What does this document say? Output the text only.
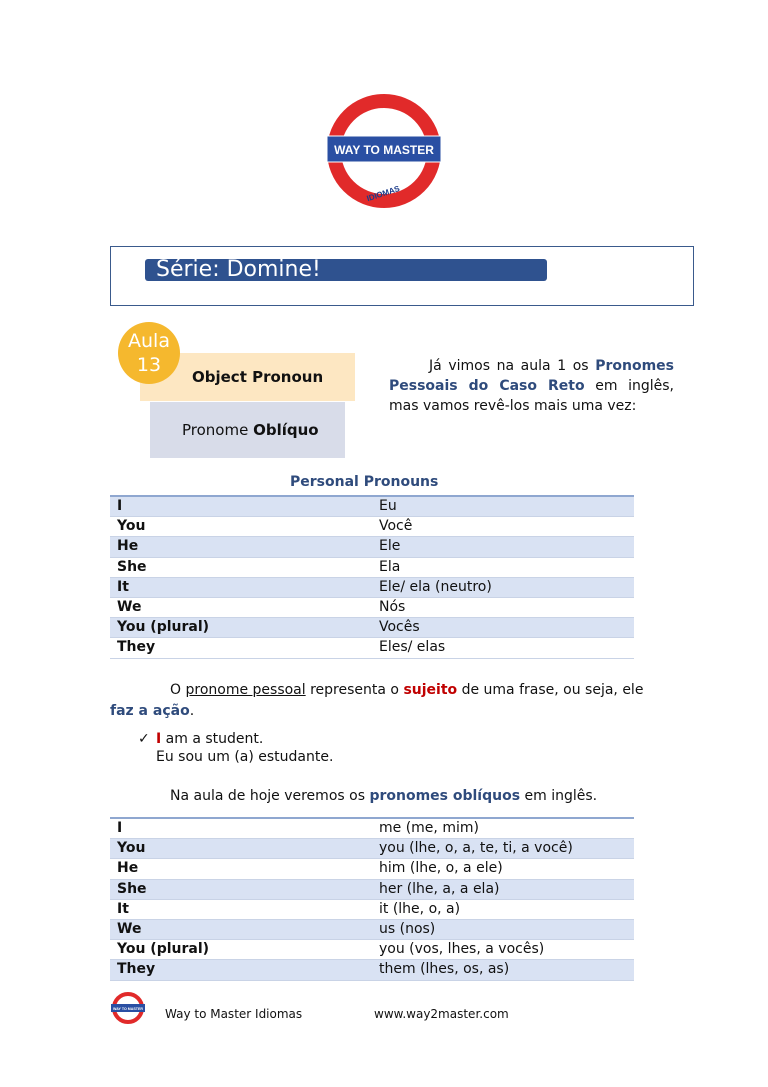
WAY TO MASTER
IDIOMAS
Série: Domine!
Object Pronoun
Pronome Oblíquo
Aula
13	Já vimos na aula 1 os Pronomes Pessoais do Caso Reto em inglês, mas vamos revê-los mais uma vez:
Personal Pronouns
I	Eu
You	Você
He	Ele
She	Ela
It	Ele/ ela (neutro)
We	Nós
You (plural)	Vocês
They	Eles/ elas
O pronome pessoal representa o sujeito de uma frase, ou seja, ele faz a ação.
✓ I am a student.
Eu sou um (a) estudante.
Na aula de hoje veremos os pronomes oblíquos em inglês.
I	me (me, mim)
You	you (lhe, o, a, te, ti, a você)
He	him (lhe, o, a ele)
She	her (lhe, a, a ela)
It	it (lhe, o, a)
We	us (nos)
You (plural)	you (vos, lhes, a vocês)
They	them (lhes, os, as)
WAY TO MASTER Way to Master Idiomas	www.way2master.com
